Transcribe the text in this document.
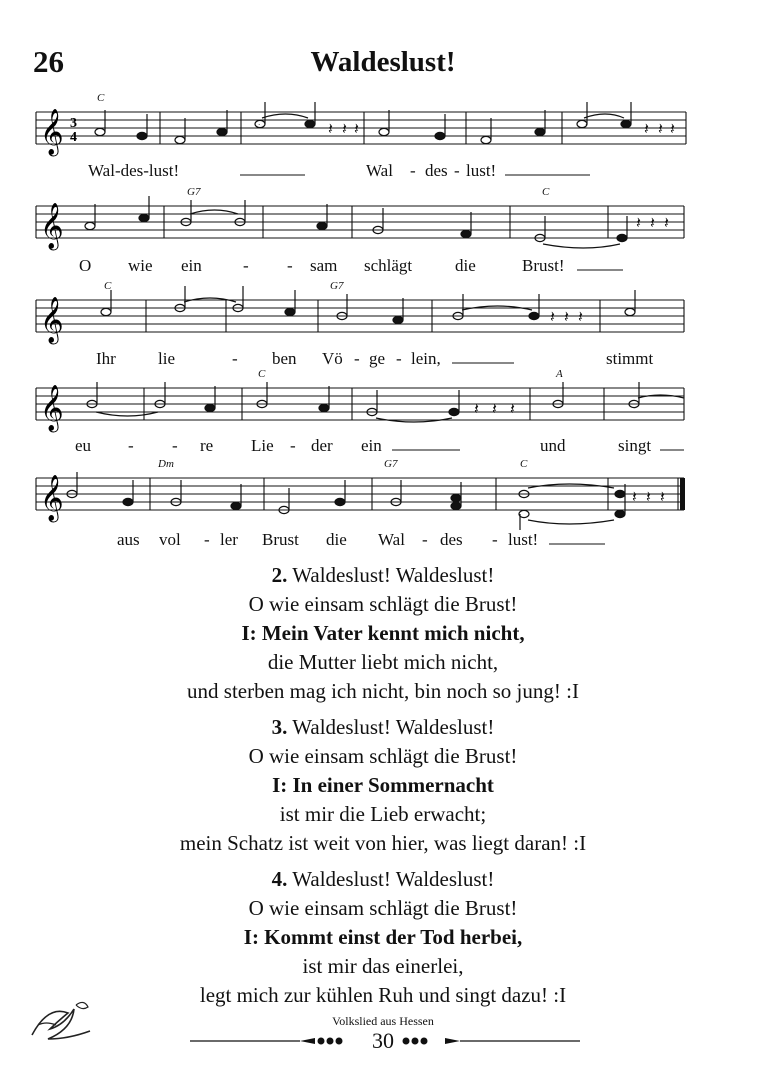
26	Waldeslust!
𝄞 3
4	𝄽 𝄽 𝄽	𝄽 𝄽 𝄽
·	·
C
Wal-des-lust!	Wal - des - lust!
𝄞	𝄽 𝄽 𝄽
G7	C
O wie ein - - sam schlägt	die	Brust!
𝄞	𝄽 𝄽 𝄽
C	G7
Ihr lie	- ben Vö - ge - lein,	stimmt
𝄞	𝄽 𝄽 𝄽
C	A
eu - - re Lie - der ein	und	singt
𝄞	𝄽 𝄽 𝄽
Dm	G7	C
aus vol - ler Brust die Wal - des - lust!
2. Waldeslust! Waldeslust!
O wie einsam schlägt die Brust!
I: Mein Vater kennt mich nicht,
die Mutter liebt mich nicht,
und sterben mag ich nicht, bin noch so jung! :I
3. Waldeslust! Waldeslust!
O wie einsam schlägt die Brust!
I: In einer Sommernacht
ist mir die Lieb erwacht;
mein Schatz ist weit von hier, was liegt daran! :I
4. Waldeslust! Waldeslust!
O wie einsam schlägt die Brust!
I: Kommt einst der Tod herbei,
ist mir das einerlei,
legt mich zur kühlen Ruh und singt dazu! :I
Volkslied aus Hessen
30
